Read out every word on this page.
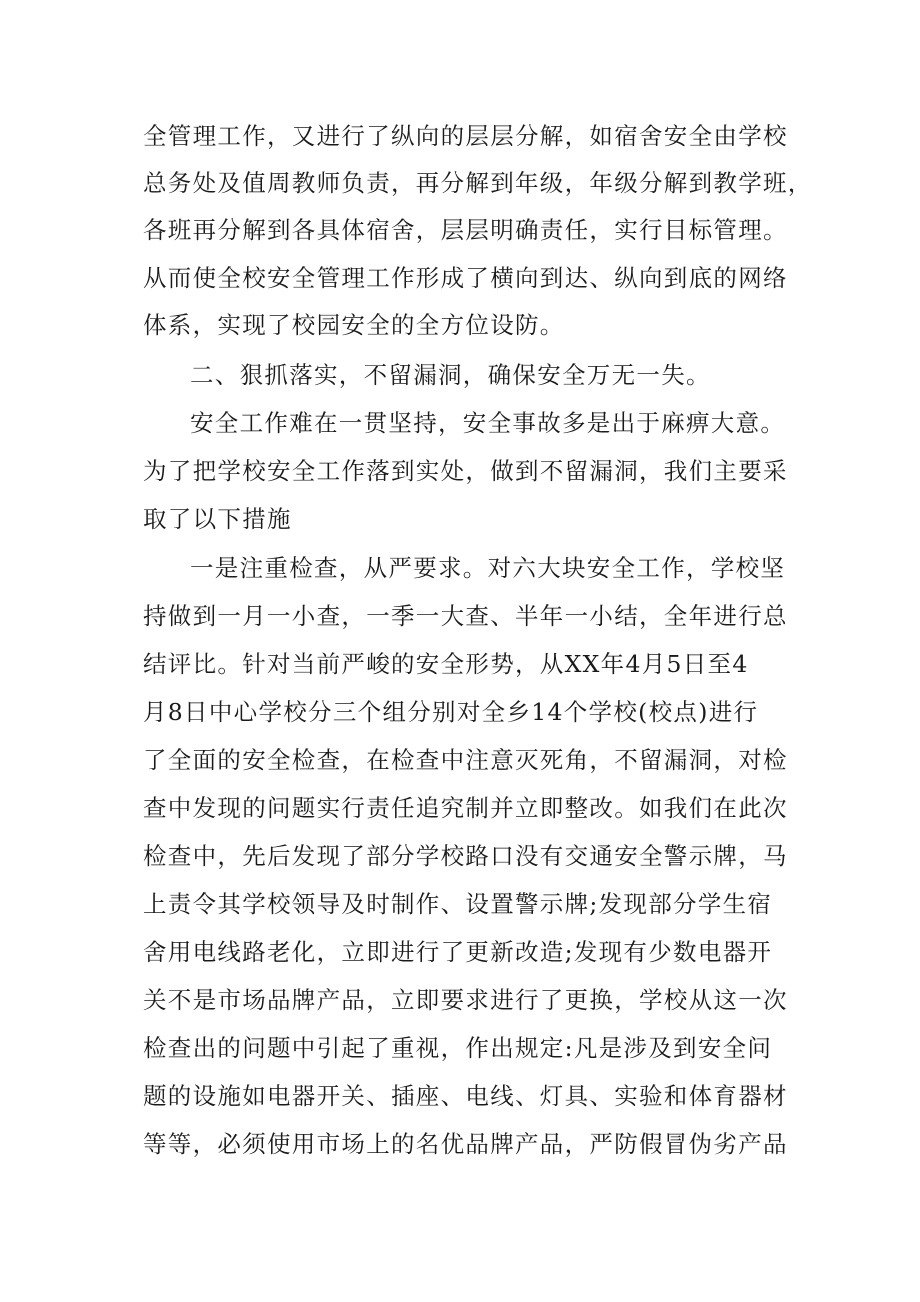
全管理工作，又进行了纵向的层层分解，如宿舍安全由学校
总务处及值周教师负责，再分解到年级，年级分解到教学班，
各班再分解到各具体宿舍，层层明确责任，实行目标管理。
从而使全校安全管理工作形成了横向到达、纵向到底的网络
体系，实现了校园安全的全方位设防。
二、狠抓落实，不留漏洞，确保安全万无一失。
安全工作难在一贯坚持，安全事故多是出于麻痹大意。
为了把学校安全工作落到实处，做到不留漏洞，我们主要采
取了以下措施
一是注重检查，从严要求。对六大块安全工作，学校坚
持做到一月一小查，一季一大查、半年一小结，全年进行总
结评比。针对当前严峻的安全形势，从XX年4月5日至4
月8日中心学校分三个组分别对全乡14个学校(校点)进行
了全面的安全检查，在检查中注意灭死角，不留漏洞，对检
查中发现的问题实行责任追究制并立即整改。如我们在此次
检查中，先后发现了部分学校路口没有交通安全警示牌，马
上责令其学校领导及时制作、设置警示牌;发现部分学生宿
舍用电线路老化，立即进行了更新改造;发现有少数电器开
关不是市场品牌产品，立即要求进行了更换，学校从这一次
检查出的问题中引起了重视，作出规定:凡是涉及到安全问
题的设施如电器开关、插座、电线、灯具、实验和体育器材
等等，必须使用市场上的名优品牌产品，严防假冒伪劣产品
